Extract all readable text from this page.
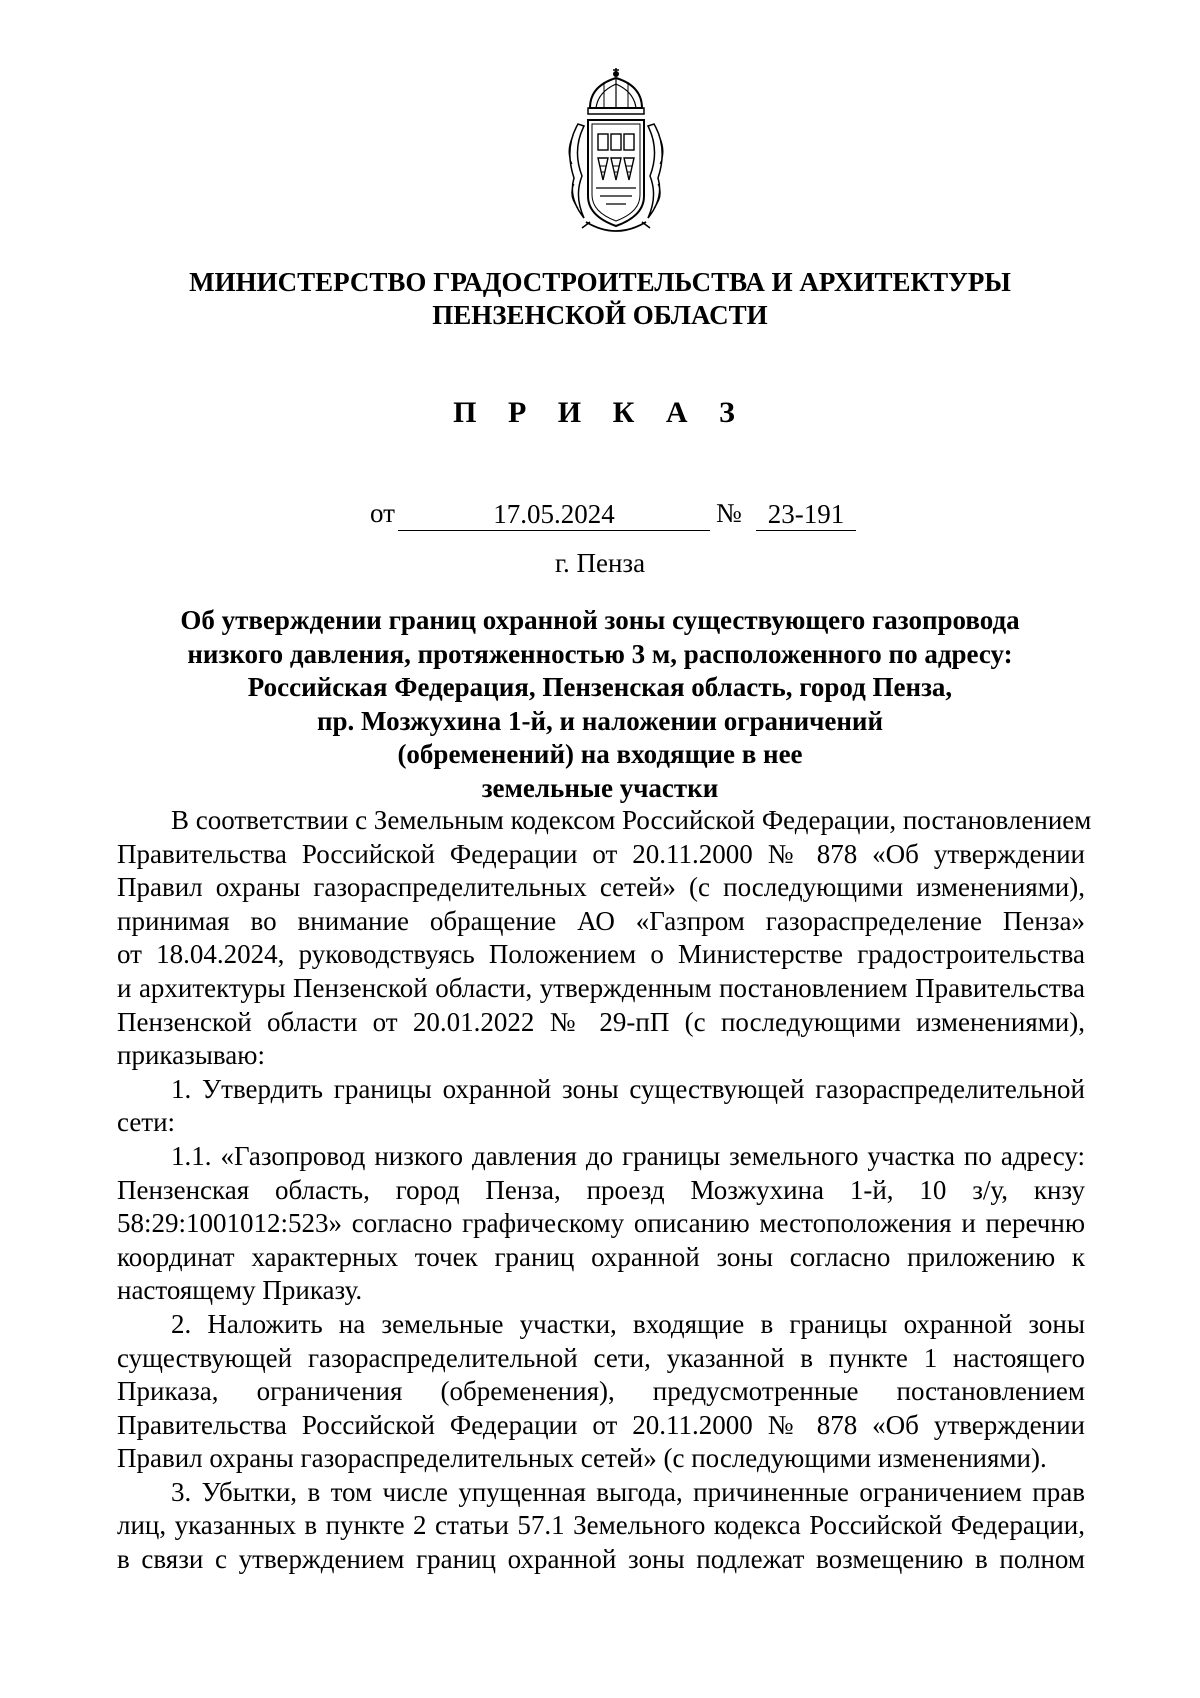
МИНИСТЕРСТВО ГРАДОСТРОИТЕЛЬСТВА И АРХИТЕКТУРЫ
ПЕНЗЕНСКОЙ ОБЛАСТИ
П Р И К А З
от	17.05.2024	№ 23-191
г. Пенза
Об утверждении границ охранной зоны существующего газопровода
низкого давления, протяженностью 3 м, расположенного по адресу:
Российская Федерация, Пензенская область, город Пенза,
пр. Мозжухина 1-й, и наложении ограничений
(обременений) на входящие в нее
земельные участки
В соответствии с Земельным кодексом Российской Федерации, постановлением
Правительства Российской Федерации от 20.11.2000 № 878 «Об утверждении
Правил охраны газораспределительных сетей» (с последующими изменениями),
принимая во внимание обращение АО «Газпром газораспределение Пенза»
от 18.04.2024, руководствуясь Положением о Министерстве градостроительства
и архитектуры Пензенской области, утвержденным постановлением Правительства
Пензенской области от 20.01.2022 № 29-пП (с последующими изменениями),
приказываю:
1. Утвердить границы охранной зоны существующей газораспределительной
сети:
1.1. «Газопровод низкого давления до границы земельного участка по адресу:
Пензенская область, город Пенза, проезд Мозжухина 1-й, 10 з/у, кнзу
58:29:1001012:523» согласно графическому описанию местоположения и перечню
координат характерных точек границ охранной зоны согласно приложению к
настоящему Приказу.
2. Наложить на земельные участки, входящие в границы охранной зоны
существующей газораспределительной сети, указанной в пункте 1 настоящего
Приказа, ограничения (обременения), предусмотренные постановлением
Правительства Российской Федерации от 20.11.2000 № 878 «Об утверждении
Правил охраны газораспределительных сетей» (с последующими изменениями).
3. Убытки, в том числе упущенная выгода, причиненные ограничением прав
лиц, указанных в пункте 2 статьи 57.1 Земельного кодекса Российской Федерации,
в связи с утверждением границ охранной зоны подлежат возмещению в полном
